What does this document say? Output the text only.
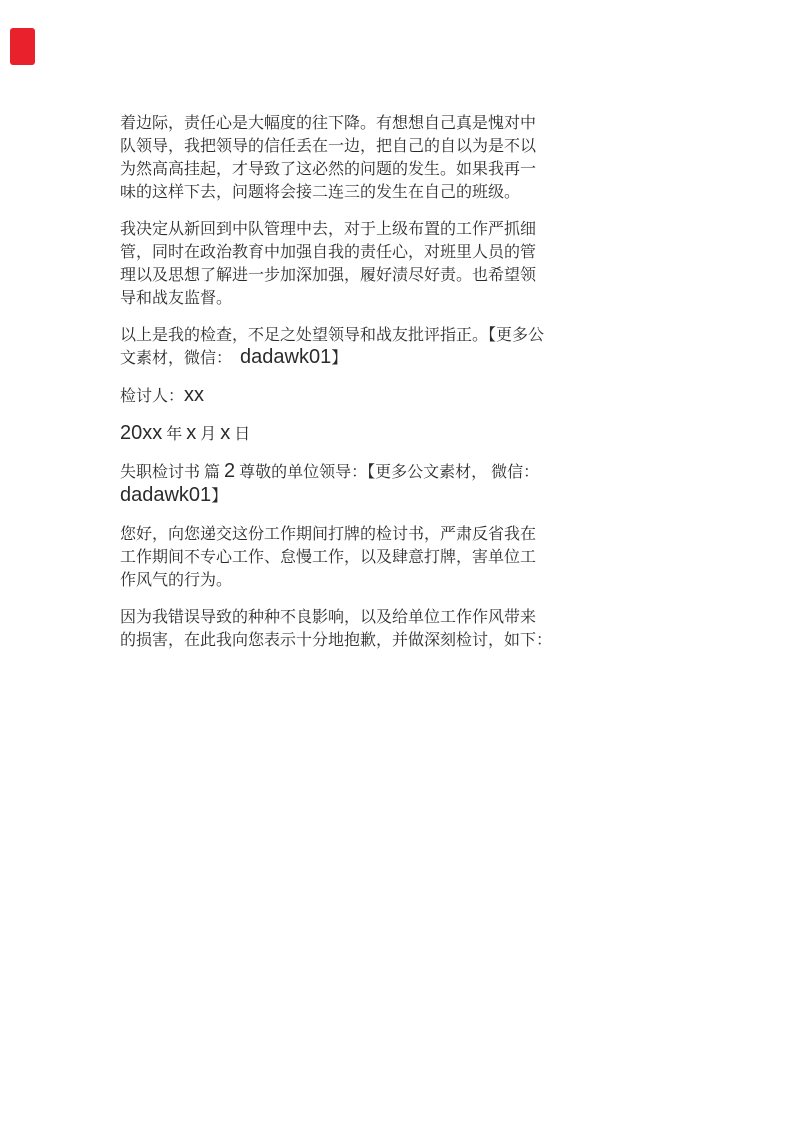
着边际，责任心是大幅度的往下降。有想想自己真是愧对中
队领导，我把领导的信任丢在一边，把自己的自以为是不以
为然高高挂起，才导致了这必然的问题的发生。如果我再一
味的这样下去，问题将会接二连三的发生在自己的班级。

我决定从新回到中队管理中去，对于上级布置的工作严抓细
管，同时在政治教育中加强自我的责任心，对班里人员的管
理以及思想了解进一步加深加强，履好渍尽好责。也希望领
导和战友监督。

以上是我的检查，不足之处望领导和战友批评指正。【更多公
文素材，微信：  dadawk01】

检讨人：xx

20xx 年 x 月 x 日

失职检讨书 篇 2 尊敬的单位领导：【更多公文素材， 微信：
dadawk01】

您好，向您递交这份工作期间打牌的检讨书，严肃反省我在
工作期间不专心工作、怠慢工作，以及肆意打牌，害单位工
作风气的行为。

因为我错误导致的种种不良影响，以及给单位工作作风带来
的损害，在此我向您表示十分地抱歉，并做深刻检讨，如下：
